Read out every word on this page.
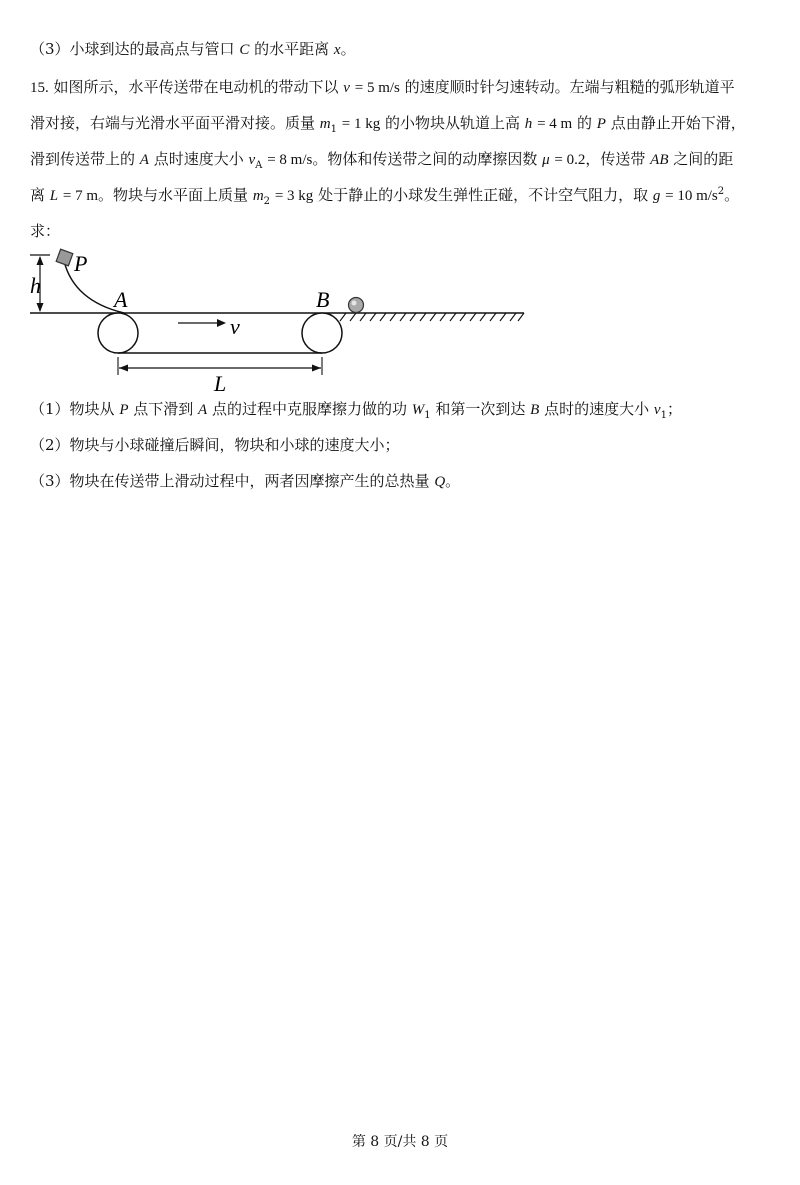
（3）小球到达的最高点与管口 C 的水平距离 x。
15. 如图所示，水平传送带在电动机的带动下以 v = 5 m/s 的速度顺时针匀速转动。左端与粗糙的弧形轨道平
滑对接，右端与光滑水平面平滑对接。质量 $m_1 = 1$ kg 的小物块从轨道上高 h = 4 m 的 P 点由静止开始下滑，
滑到传送带上的 A 点时速度大小 $v_A = 8$ m/s。物体和传送带之间的动摩擦因数 μ = 0.2，传送带 AB 之间的距
离 L = 7 m。物块与水平面上质量 $m_2 = 3$ kg 处于静止的小球发生弹性正碰，不计空气阻力，取 g = 10 $m/s^2$。
求：
h
P
A	B
v
L
（1）物块从 P 点下滑到 A 点的过程中克服摩擦力做的功 $W_1$ 和第一次到达 B 点时的速度大小 $v_1$；
（2）物块与小球碰撞后瞬间，物块和小球的速度大小；
（3）物块在传送带上滑动过程中，两者因摩擦产生的总热量 Q。
第 8 页/共 8 页
